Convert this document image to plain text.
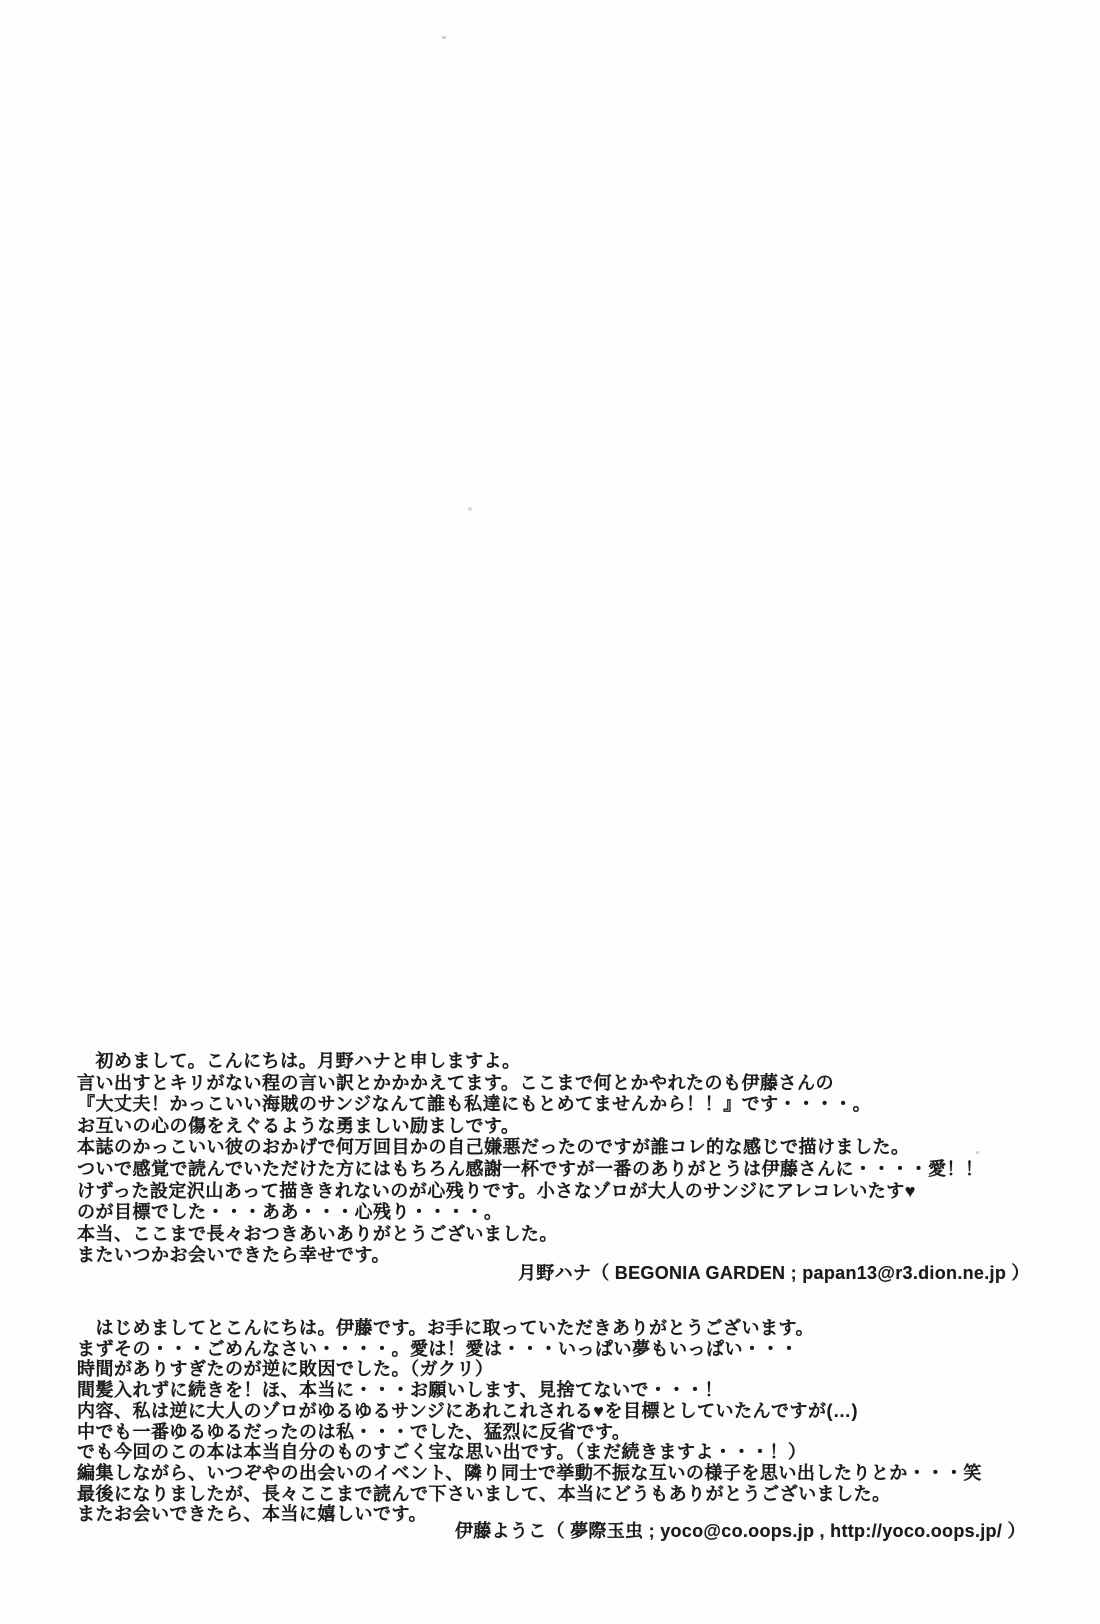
　初めまして。こんにちは。月野ハナと申しますよ。
言い出すとキリがない程の言い訳とかかかえてます。ここまで何とかやれたのも伊藤さんの
『大丈夫！かっこいい海賊のサンジなんて誰も私達にもとめてませんから！！』です・・・・。
お互いの心の傷をえぐるような勇ましい励ましです。
本誌のかっこいい彼のおかげで何万回目かの自己嫌悪だったのですが誰コレ的な感じで描けました。
ついで感覚で読んでいただけた方にはもちろん感謝一杯ですが一番のありがとうは伊藤さんに・・・・愛！！
けずった設定沢山あって描ききれないのが心残りです。小さなゾロが大人のサンジにアレコレいたす♥
のが目標でした・・・ああ・・・心残り・・・・。
本当、ここまで長々おつきあいありがとうございました。
またいつかお会いできたら幸せです。
月野ハナ（ BEGONIA GARDEN ; papan13@r3.dion.ne.jp ）
　はじめましてとこんにちは。伊藤です。お手に取っていただきありがとうございます。
まずその・・・ごめんなさい・・・・。愛は！愛は・・・いっぱい夢もいっぱい・・・
時間がありすぎたのが逆に敗因でした。（ガクリ）
間髪入れずに続きを！ほ、本当に・・・お願いします、見捨てないで・・・！
内容、私は逆に大人のゾロがゆるゆるサンジにあれこれされる♥を目標としていたんですが(…)
中でも一番ゆるゆるだったのは私・・・でした、猛烈に反省です。
でも今回のこの本は本当自分のものすごく宝な思い出です。（まだ続きますよ・・・！）
編集しながら、いつぞやの出会いのイベント、隣り同士で挙動不振な互いの様子を思い出したりとか・・・笑
最後になりましたが、長々ここまで読んで下さいまして、本当にどうもありがとうございました。
またお会いできたら、本当に嬉しいです。
伊藤ようこ（ 夢際玉虫 ; yoco@co.oops.jp , http://yoco.oops.jp/ ）
